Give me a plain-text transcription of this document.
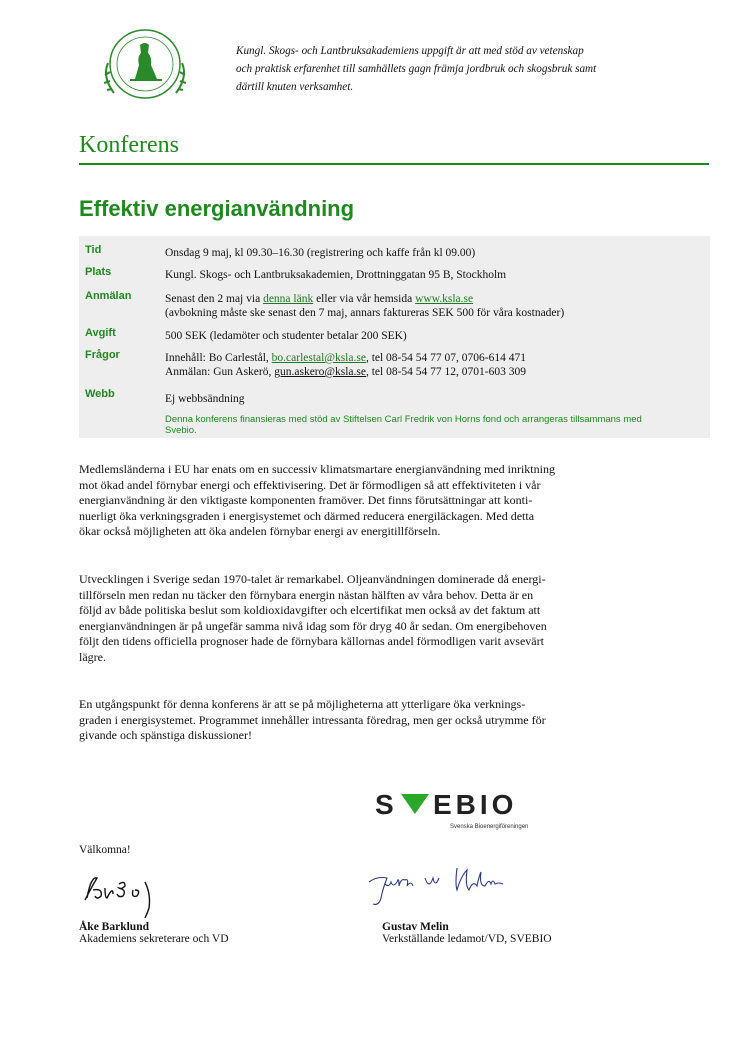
Kungl. Skogs- och Lantbruksakademiens uppgift är att med stöd av vetenskap
och praktisk erfarenhet till samhällets gagn främja jordbruk och skogsbruk samt
därtill knuten verksamhet.
Konferens
Effektiv energianvändning
Tid	Onsdag 9 maj, kl 09.30–16.30 (registrering och kaffe från kl 09.00)
Plats	Kungl. Skogs- och Lantbruksakademien, Drottninggatan 95 B, Stockholm
Anmälan	Senast den 2 maj via denna länk eller via vår hemsida www.ksla.se
(avbokning måste ske senast den 7 maj, annars faktureras SEK 500 för våra kostnader)
Avgift	500 SEK (ledamöter och studenter betalar 200 SEK)
Frågor	Innehåll: Bo Carlestål, bo.carlestal@ksla.se, tel 08-54 54 77 07, 0706-614 471
Anmälan: Gun Askerö, gun.askero@ksla.se, tel 08-54 54 77 12, 0701-603 309
Webb	Ej webbsändning
Denna konferens finansieras med stöd av Stiftelsen Carl Fredrik von Horns fond och arrangeras tillsammans med Svebio.
Medlemsländerna i EU har enats om en successiv klimatsmartare energianvändning med inriktning
mot ökad andel förnybar energi och effektivisering. Det är förmodligen så att effektiviteten i vår
energianvändning är den viktigaste komponenten framöver. Det finns förutsättningar att konti-
nuerligt öka verkningsgraden i energisystemet och därmed reducera energiläckagen. Med detta
ökar också möjligheten att öka andelen förnybar energi av energitillförseln.
Utvecklingen i Sverige sedan 1970-talet är remarkabel. Oljeanvändningen dominerade då energi-
tillförseln men redan nu täcker den förnybara energin nästan hälften av våra behov. Detta är en
följd av både politiska beslut som koldioxidavgifter och elcertifikat men också av det faktum att
energianvändningen är på ungefär samma nivå idag som för dryg 40 år sedan. Om energibehoven
följt den tidens officiella prognoser hade de förnybara källornas andel förmodligen varit avsevärt
lägre.
En utgångspunkt för denna konferens är att se på möjligheterna att ytterligare öka verknings-
graden i energisystemet. Programmet innehåller intressanta föredrag, men ger också utrymme för
givande och spänstiga diskussioner!
S EBIO
Svenska Bioenergiföreningen
Välkomna!
Åke Barklund
Akademiens sekreterare och VD
Gustav Melin
Verkställande ledamot/VD, SVEBIO
